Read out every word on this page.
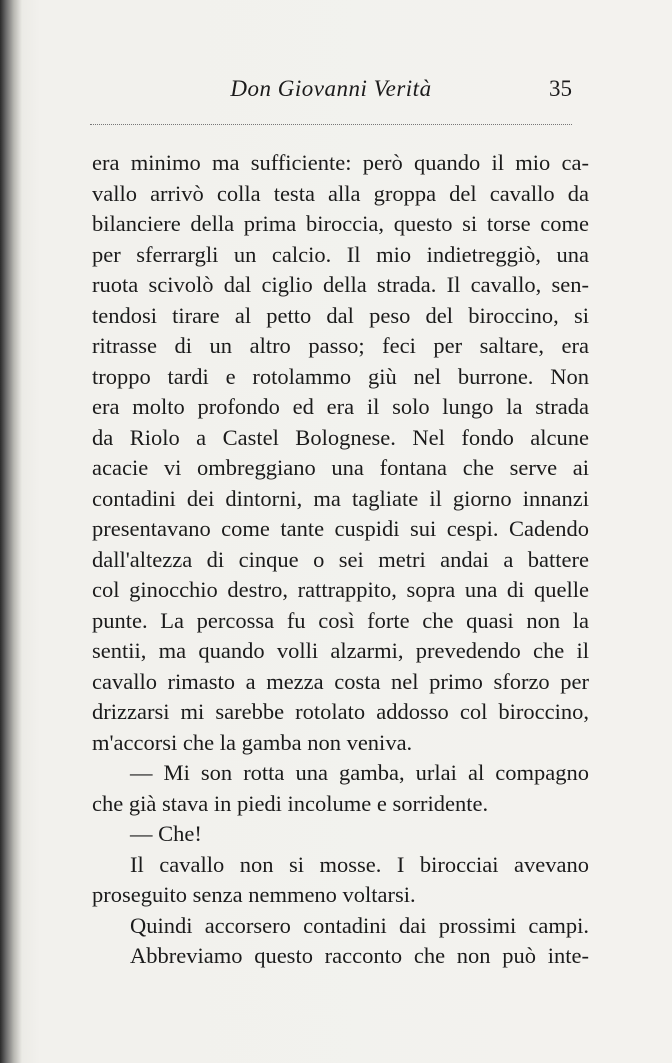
Don Giovanni Verità	35
era minimo ma sufficiente: però quando il mio ca-
vallo arrivò colla testa alla groppa del cavallo da
bilanciere della prima biroccia, questo si torse come
per sferrargli un calcio. Il mio indietreggiò, una
ruota scivolò dal ciglio della strada. Il cavallo, sen-
tendosi tirare al petto dal peso del birocсino, si
ritrasse di un altro passo; feci per saltare, era
troppo tardi e rotolammo giù nel burrone. Non
era molto profondo ed era il solo lungo la strada
da Riolo a Castel Bolognese. Nel fondo alcune
acacie vi ombreggiano una fontana che serve ai
contadini dei dintorni, ma tagliate il giorno innanzi
presentavano come tante cuspidi sui cespi. Cadendo
dall'altezza di cinque o sei metri andai a battere
col ginocchio destro, rattrappito, sopra una di quelle
punte. La percossa fu così forte che quasi non la
sentii, ma quando volli alzarmi, prevedendo che il
cavallo rimasto a mezza costa nel primo sforzo per
drizzarsi mi sarebbe rotolato addosso col biroccino,
m'accorsi che la gamba non veniva.
— Mi son rotta una gamba, urlai al compagno
che già stava in piedi incolume e sorridente.
— Che!
Il cavallo non si mosse. I birocciai avevano
proseguito senza nemmeno voltarsi.
Quindi accorsero contadini dai prossimi campi.
Abbreviamo questo racconto che non può inte-
